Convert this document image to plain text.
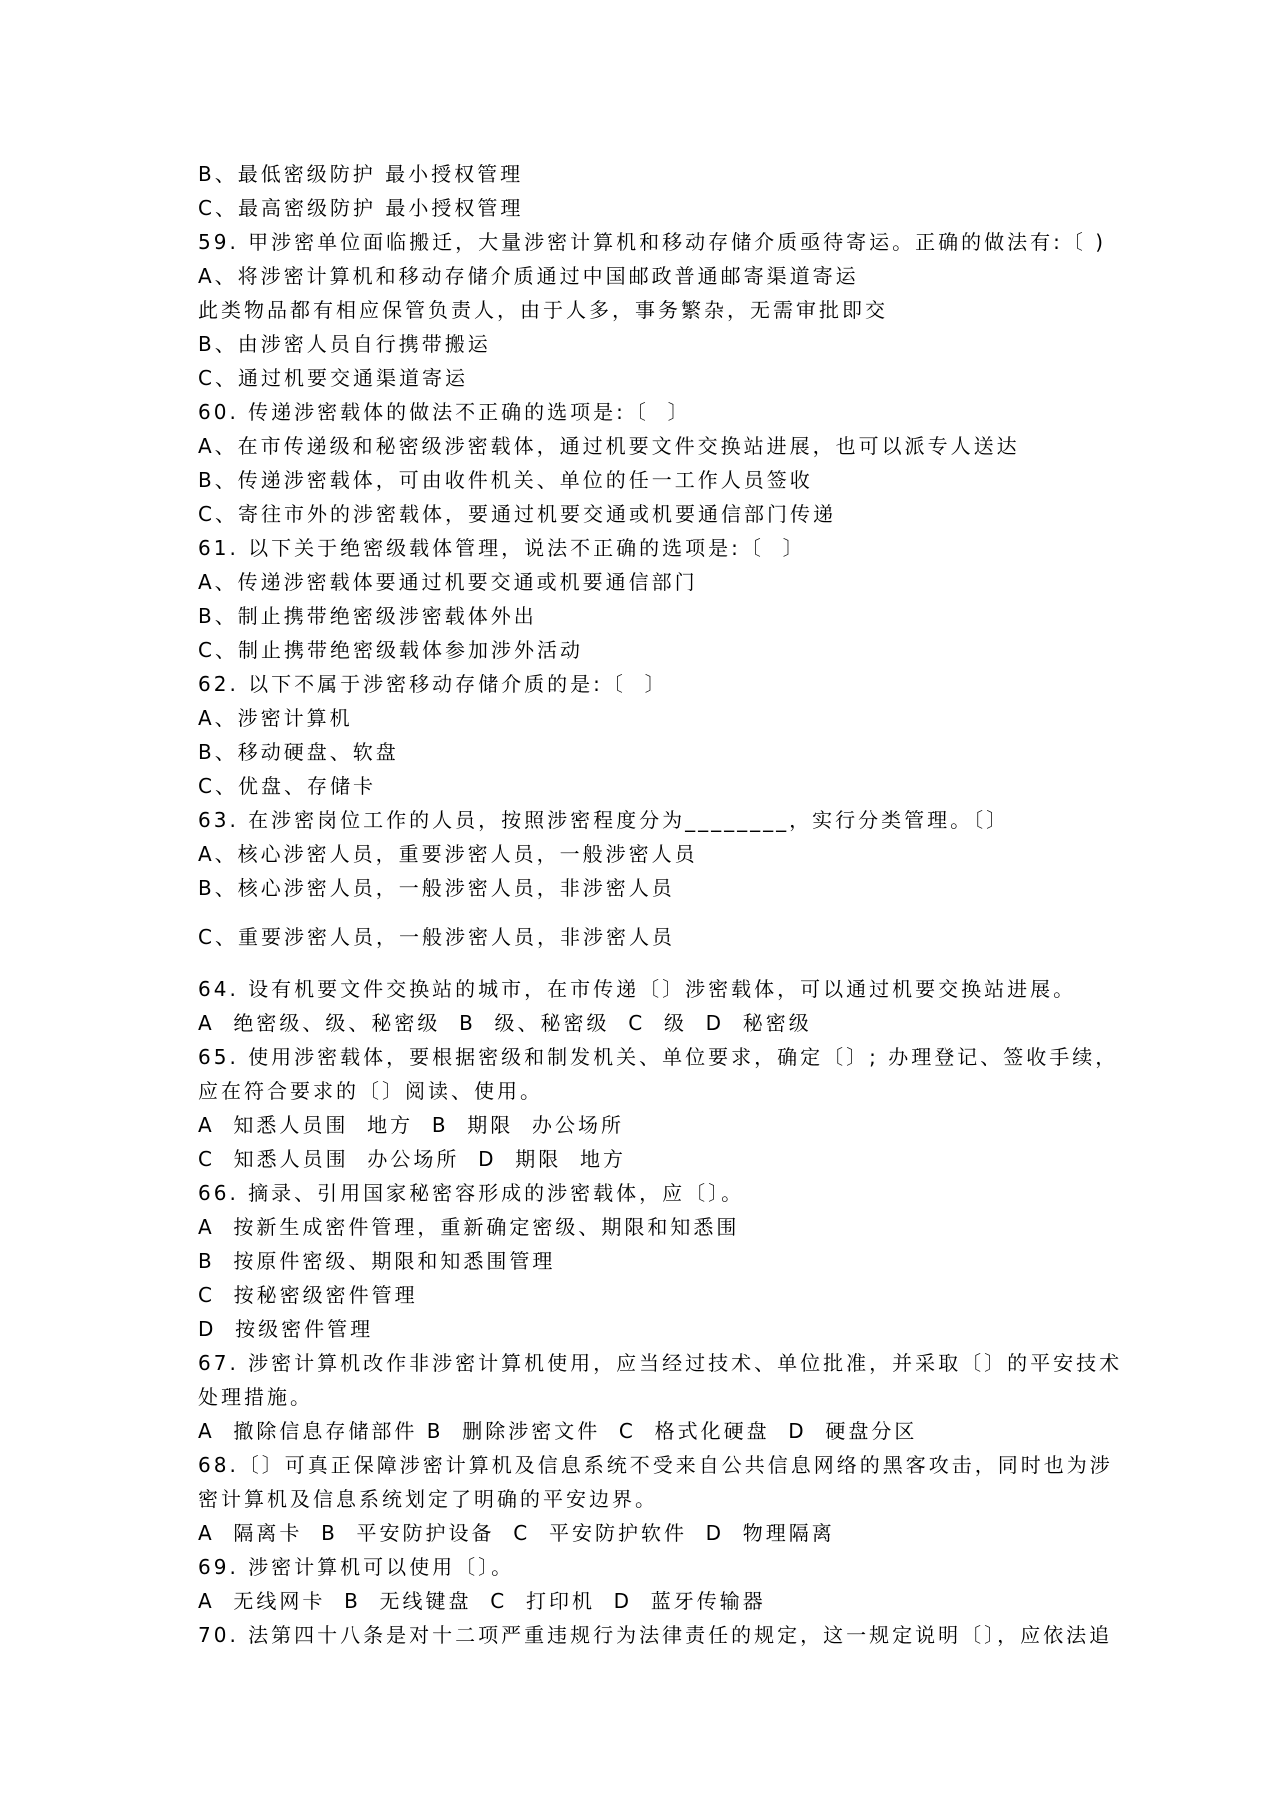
B、最低密级防护 最小授权管理
C、最高密级防护 最小授权管理
59. 甲涉密单位面临搬迁，大量涉密计算机和移动存储介质亟待寄运。正确的做法有:〔 )
A、将涉密计算机和移动存储介质通过中国邮政普通邮寄渠道寄运
此类物品都有相应保管负责人，由于人多，事务繁杂，无需审批即交
B、由涉密人员自行携带搬运
C、通过机要交通渠道寄运
60. 传递涉密载体的做法不正确的选项是:〔  〕
A、在市传递级和秘密级涉密载体，通过机要文件交换站进展，也可以派专人送达
B、传递涉密载体，可由收件机关、单位的任一工作人员签收
C、寄往市外的涉密载体，要通过机要交通或机要通信部门传递
61. 以下关于绝密级载体管理，说法不正确的选项是:〔  〕
A、传递涉密载体要通过机要交通或机要通信部门
B、制止携带绝密级涉密载体外出
C、制止携带绝密级载体参加涉外活动
62. 以下不属于涉密移动存储介质的是:〔  〕
A、涉密计算机
B、移动硬盘、软盘
C、优盘、存储卡
63. 在涉密岗位工作的人员，按照涉密程度分为________，实行分类管理。〔〕
A、核心涉密人员，重要涉密人员，一般涉密人员
B、核心涉密人员，一般涉密人员，非涉密人员
C、重要涉密人员，一般涉密人员，非涉密人员
64. 设有机要文件交换站的城市，在市传递〔〕涉密载体，可以通过机要交换站进展。
A  绝密级、级、秘密级  B  级、秘密级  C  级  D  秘密级
65. 使用涉密载体，要根据密级和制发机关、单位要求，确定〔〕; 办理登记、签收手续，
应在符合要求的〔〕阅读、使用。
A  知悉人员围  地方  B  期限  办公场所
C  知悉人员围  办公场所  D  期限  地方
66. 摘录、引用国家秘密容形成的涉密载体，应〔〕。
A  按新生成密件管理，重新确定密级、期限和知悉围
B  按原件密级、期限和知悉围管理
C  按秘密级密件管理
D  按级密件管理
67. 涉密计算机改作非涉密计算机使用，应当经过技术、单位批准，并采取〔〕的平安技术
处理措施。
A  撤除信息存储部件 B  删除涉密文件  C  格式化硬盘  D  硬盘分区
68.〔〕可真正保障涉密计算机及信息系统不受来自公共信息网络的黑客攻击，同时也为涉
密计算机及信息系统划定了明确的平安边界。
A  隔离卡  B  平安防护设备  C  平安防护软件  D  物理隔离
69. 涉密计算机可以使用〔〕。
A  无线网卡  B  无线键盘  C  打印机  D  蓝牙传输器
70. 法第四十八条是对十二项严重违规行为法律责任的规定，这一规定说明〔〕，应依法追
